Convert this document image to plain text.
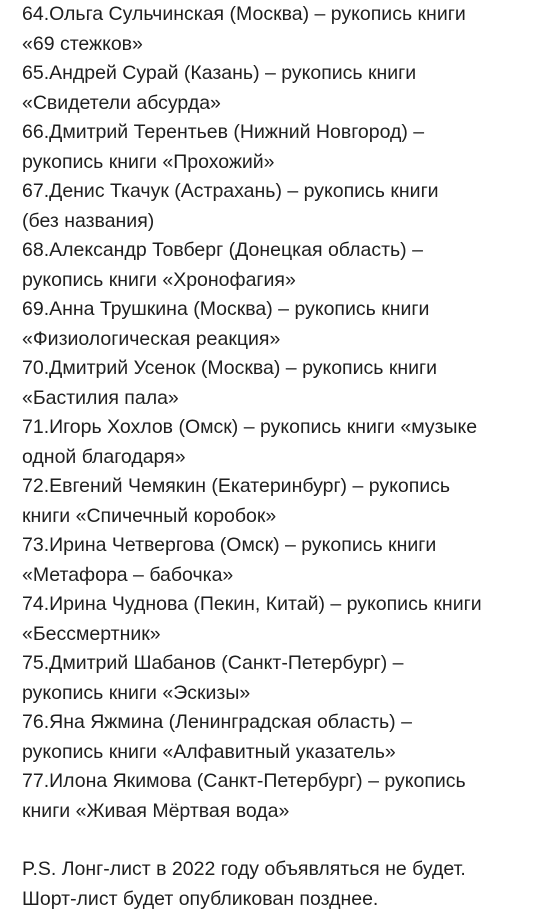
64.Ольга Сульчинская (Москва) – рукопись книги
«69 стежков»
65.Андрей Сурай (Казань) – рукопись книги
«Свидетели абсурда»
66.Дмитрий Терентьев (Нижний Новгород) –
рукопись книги «Прохожий»
67.Денис Ткачук (Астрахань) – рукопись книги
(без названия)
68.Александр Товберг (Донецкая область) –
рукопись книги «Хронофагия»
69.Анна Трушкина (Москва) – рукопись книги
«Физиологическая реакция»
70.Дмитрий Усенок (Москва) – рукопись книги
«Бастилия пала»
71.Игорь Хохлов (Омск) – рукопись книги «музыке
одной благодаря»
72.Евгений Чемякин (Екатеринбург) – рукопись
книги «Спичечный коробок»
73.Ирина Четвергова (Омск) – рукопись книги
«Метафора – бабочка»
74.Ирина Чуднова (Пекин, Китай) – рукопись книги
«Бессмертник»
75.Дмитрий Шабанов (Санкт-Петербург) –
рукопись книги «Эскизы»
76.Яна Яжмина (Ленинградская область) –
рукопись книги «Алфавитный указатель»
77.Илона Якимова (Санкт-Петербург) – рукопись
книги «Живая Мёртвая вода»
P.S. Лонг-лист в 2022 году объявляться не будет.
Шорт-лист будет опубликован позднее.
